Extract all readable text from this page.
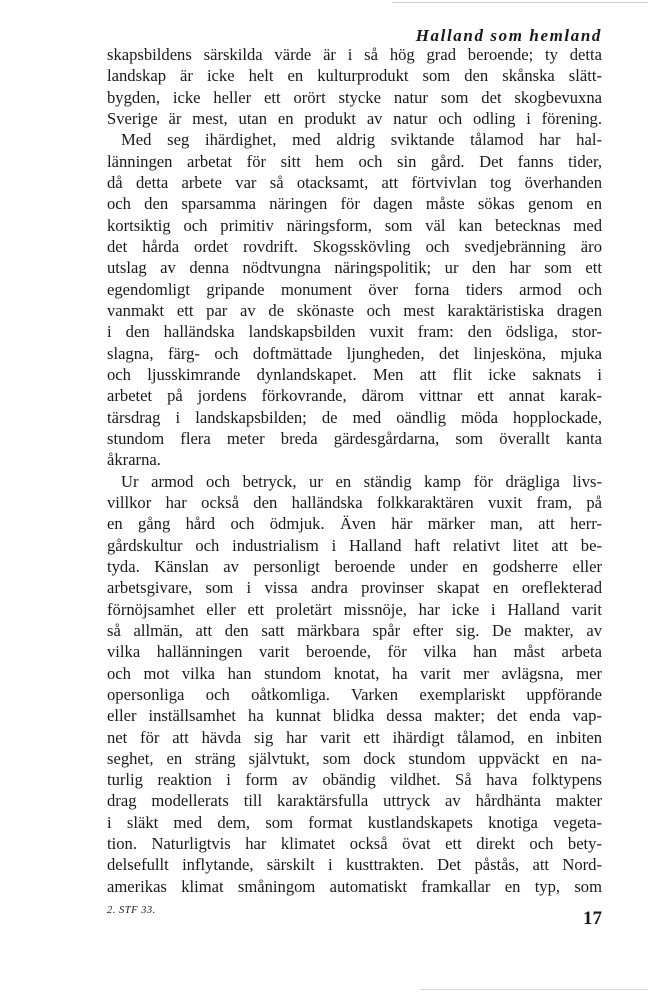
Halland som hemland
skapsbildens särskilda värde är i så hög grad beroende; ty detta
landskap är icke helt en kulturprodukt som den skånska slätt-
bygden, icke heller ett orört stycke natur som det skogbevuxna
Sverige är mest, utan en produkt av natur och odling i förening.
Med seg ihärdighet, med aldrig sviktande tålamod har hal-
länningen arbetat för sitt hem och sin gård. Det fanns tider,
då detta arbete var så otacksamt, att förtvivlan tog överhanden
och den sparsamma näringen för dagen måste sökas genom en
kortsiktig och primitiv näringsform, som väl kan betecknas med
det hårda ordet rovdrift. Skogsskövling och svedjebränning äro
utslag av denna nödtvungna näringspolitik; ur den har som ett
egendomligt gripande monument över forna tiders armod och
vanmakt ett par av de skönaste och mest karaktäristiska dragen
i den halländska landskapsbilden vuxit fram: den ödsliga, stor-
slagna, färg- och doftmättade ljungheden, det linjesköna, mjuka
och ljusskimrande dynlandskapet. Men att flit icke saknats i
arbetet på jordens förkovrande, därom vittnar ett annat karak-
tärsdrag i landskapsbilden; de med oändlig möda hopplockade,
stundom flera meter breda gärdesgårdarna, som överallt kanta
åkrarna.
Ur armod och betryck, ur en ständig kamp för drägliga livs-
villkor har också den halländska folkkaraktären vuxit fram, på
en gång hård och ödmjuk. Även här märker man, att herr-
gårdskultur och industrialism i Halland haft relativt litet att be-
tyda. Känslan av personligt beroende under en godsherre eller
arbetsgivare, som i vissa andra provinser skapat en oreflekterad
förnöjsamhet eller ett proletärt missnöje, har icke i Halland varit
så allmän, att den satt märkbara spår efter sig. De makter, av
vilka hallänningen varit beroende, för vilka han måst arbeta
och mot vilka han stundom knotat, ha varit mer avlägsna, mer
opersonliga och oåtkomliga. Varken exemplariskt uppförande
eller inställsamhet ha kunnat blidka dessa makter; det enda vap-
net för att hävda sig har varit ett ihärdigt tålamod, en inbiten
seghet, en sträng självtukt, som dock stundom uppväckt en na-
turlig reaktion i form av obändig vildhet. Så hava folktypens
drag modellerats till karaktärsfulla uttryck av hårdhänta makter
i släkt med dem, som format kustlandskapets knotiga vegeta-
tion. Naturligtvis har klimatet också övat ett direkt och bety-
delsefullt inflytande, särskilt i kusttrakten. Det påstås, att Nord-
amerikas klimat småningom automatiskt framkallar en typ, som
2. STF 33.	17
